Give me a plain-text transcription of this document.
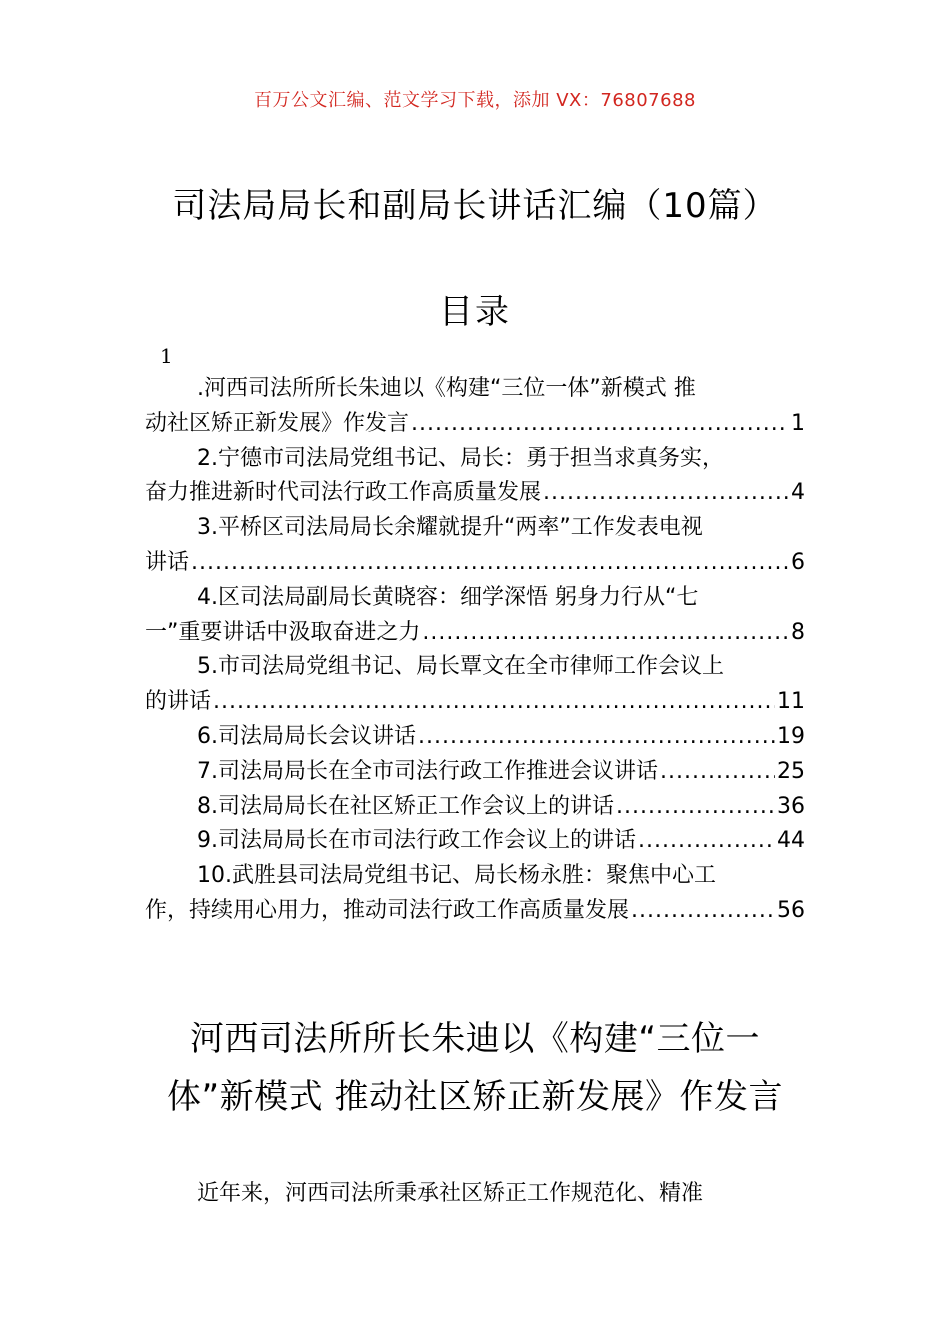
百万公文汇编、范文学习下载，添加 VX：76807688
司法局局长和副局长讲话汇编（10篇）
目录
1
.河西司法所所长朱迪以《构建“三位一体”新模式 推
动社区矫正新发展》作发言 .....	1
2.宁德市司法局党组书记、局长：勇于担当求真务实，
奋力推进新时代司法行政工作高质量发展 .....	4
3.平桥区司法局局长余耀就提升“两率”工作发表电视
讲话 .....	6
4.区司法局副局长黄晓容：细学深悟 躬身力行从“七
一”重要讲话中汲取奋进之力 .....	8
5.市司法局党组书记、局长覃文在全市律师工作会议上
的讲话 .....	11
6.司法局局长会议讲话 .....	19
7.司法局局长在全市司法行政工作推进会议讲话 .....	25
8.司法局局长在社区矫正工作会议上的讲话 .....	36
9.司法局局长在市司法行政工作会议上的讲话 .....	44
10.武胜县司法局党组书记、局长杨永胜：聚焦中心工
作，持续用心用力，推动司法行政工作高质量发展 .....	56
河西司法所所长朱迪以《构建“三位一
体”新模式 推动社区矫正新发展》作发言
近年来，河西司法所秉承社区矫正工作规范化、精准
